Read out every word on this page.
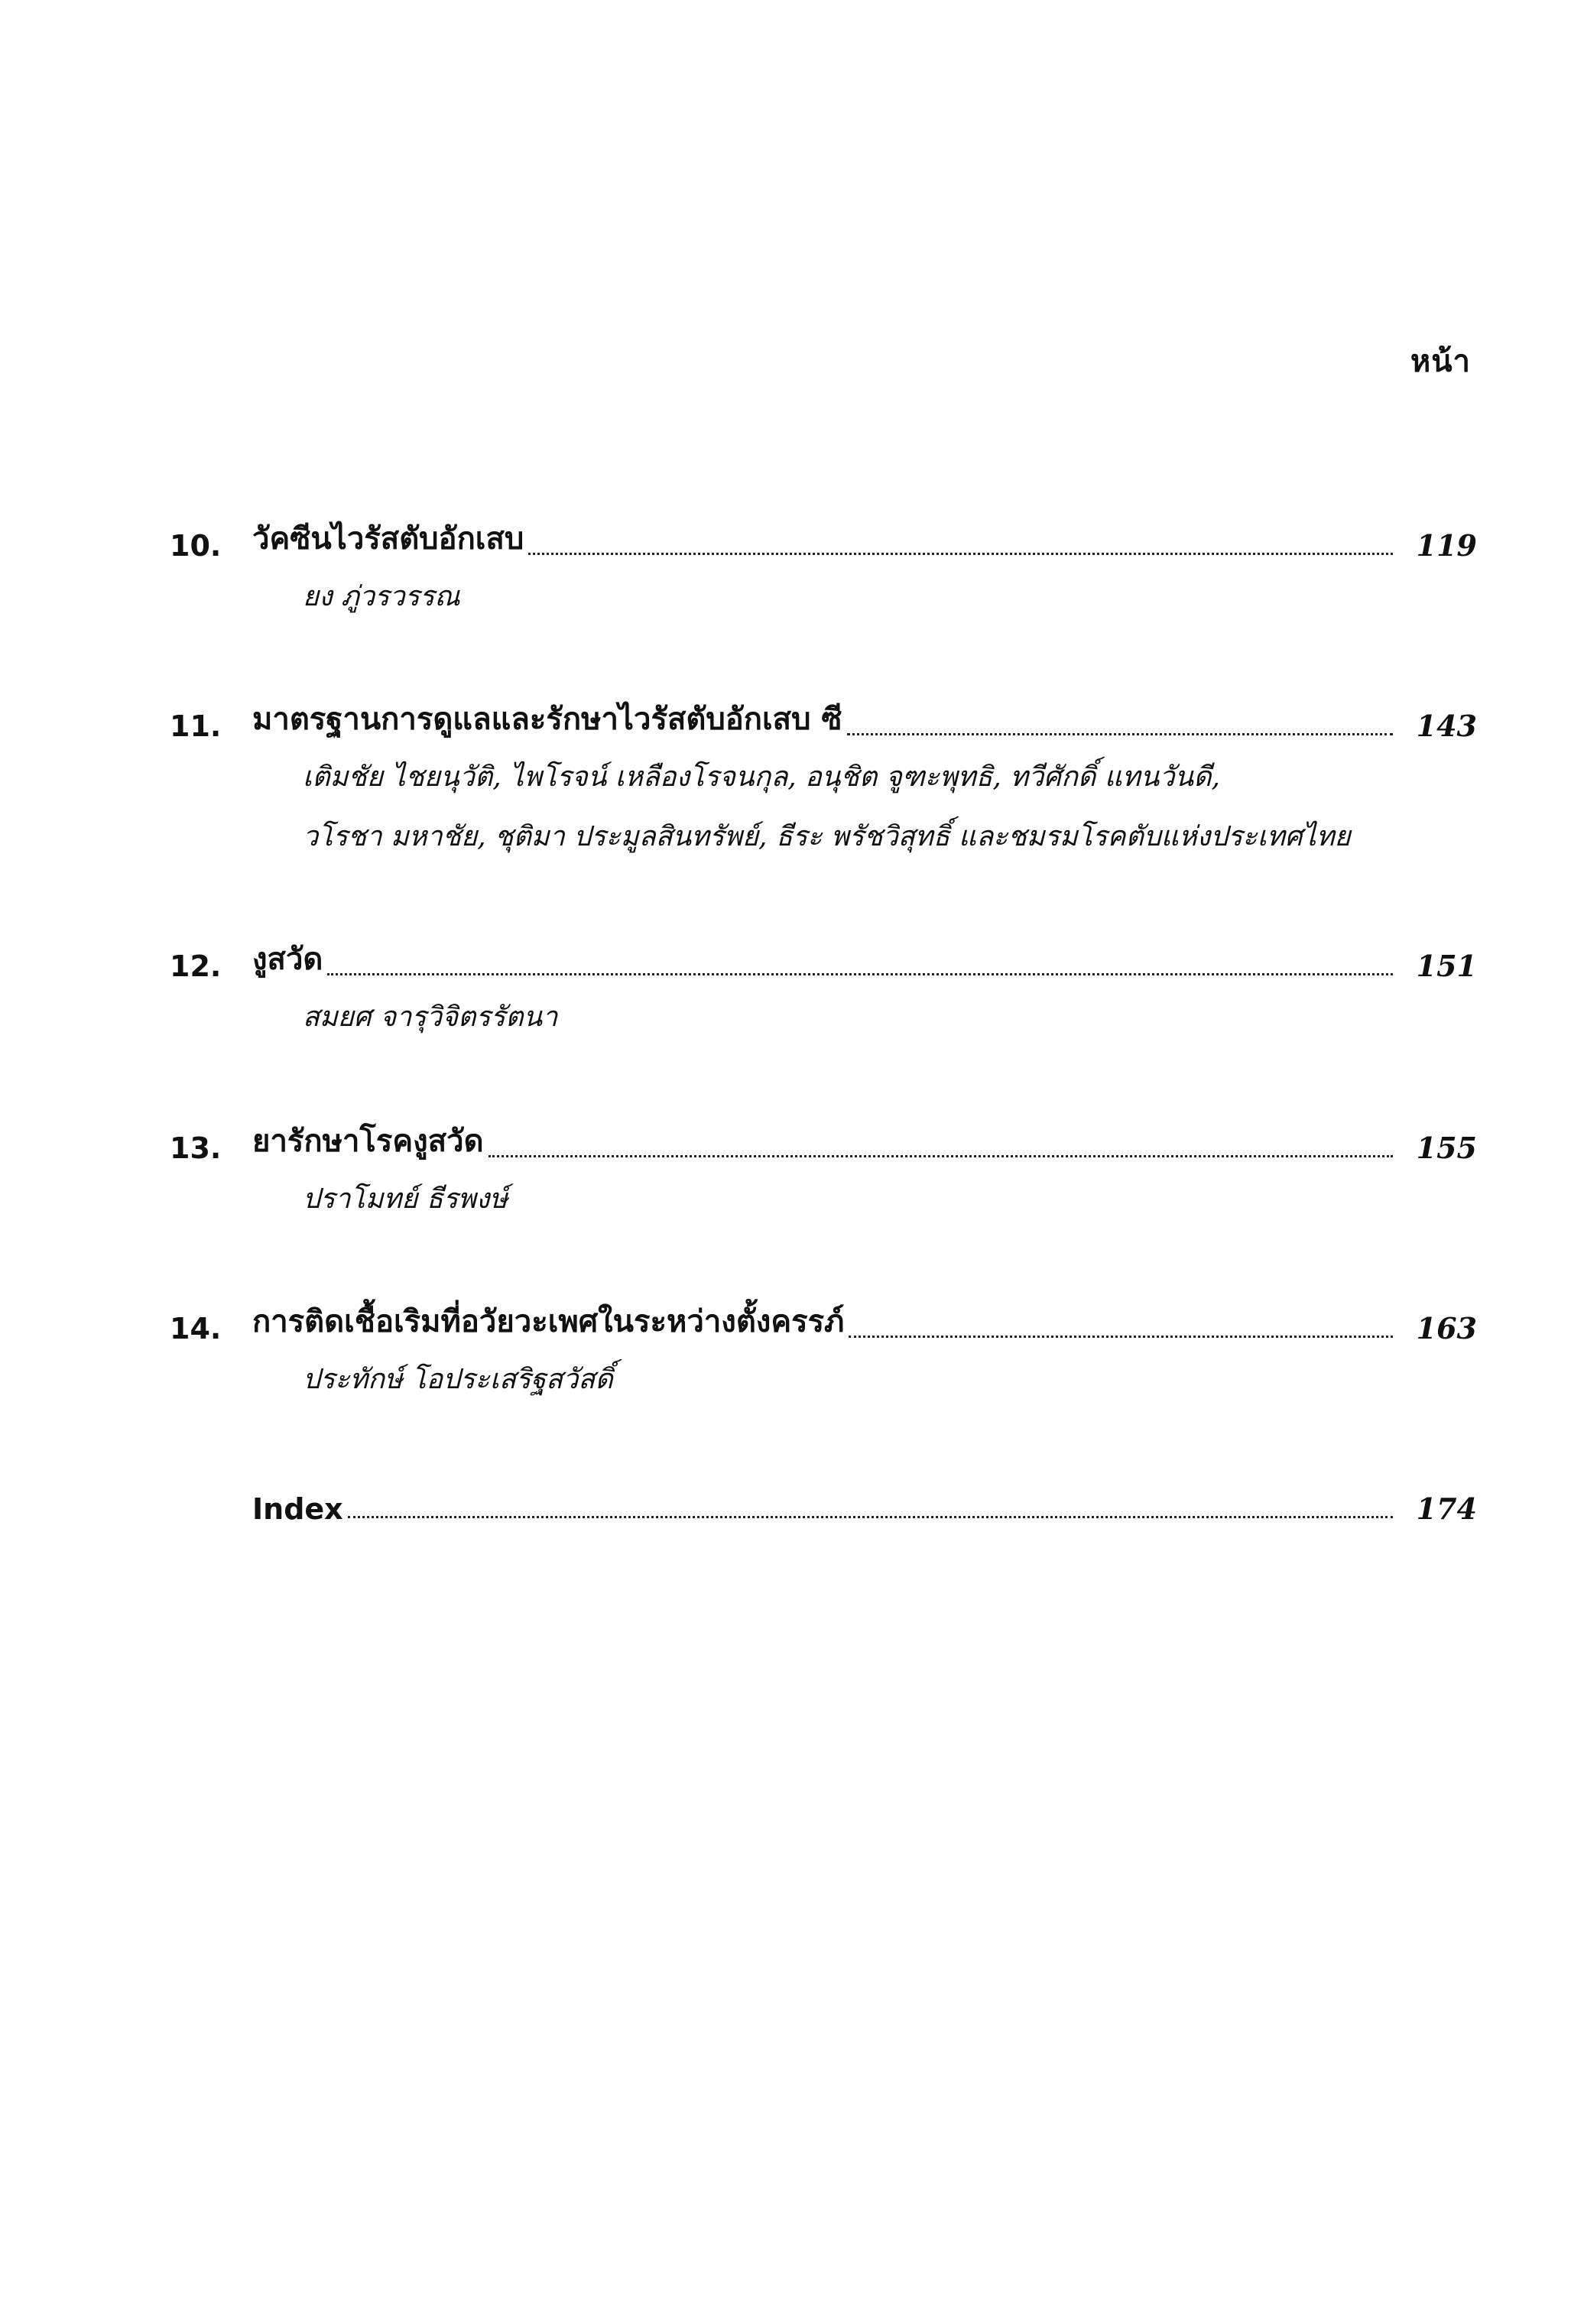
หน้า
10. วัคซีนไวรัสตับอักเสบ	119
ยง ภู่วรวรรณ
11. มาตรฐานการดูแลและรักษาไวรัสตับอักเสบ ซี	143
เติมชัย ไชยนุวัติ, ไพโรจน์ เหลืองโรจนกุล, อนุชิต จูฑะพุทธิ, ทวีศักดิ์ แทนวันดี,
วโรชา มหาชัย, ชุติมา ประมูลสินทรัพย์, ธีระ พรัชวิสุทธิ์ และชมรมโรคตับแห่งประเทศไทย
12. งูสวัด	151
สมยศ จารุวิจิตรรัตนา
13. ยารักษาโรคงูสวัด	155
ปราโมทย์ ธีรพงษ์
14. การติดเชื้อเริมที่อวัยวะเพศในระหว่างตั้งครรภ์	163
ประทักษ์ โอประเสริฐสวัสดิ์
Index	174
